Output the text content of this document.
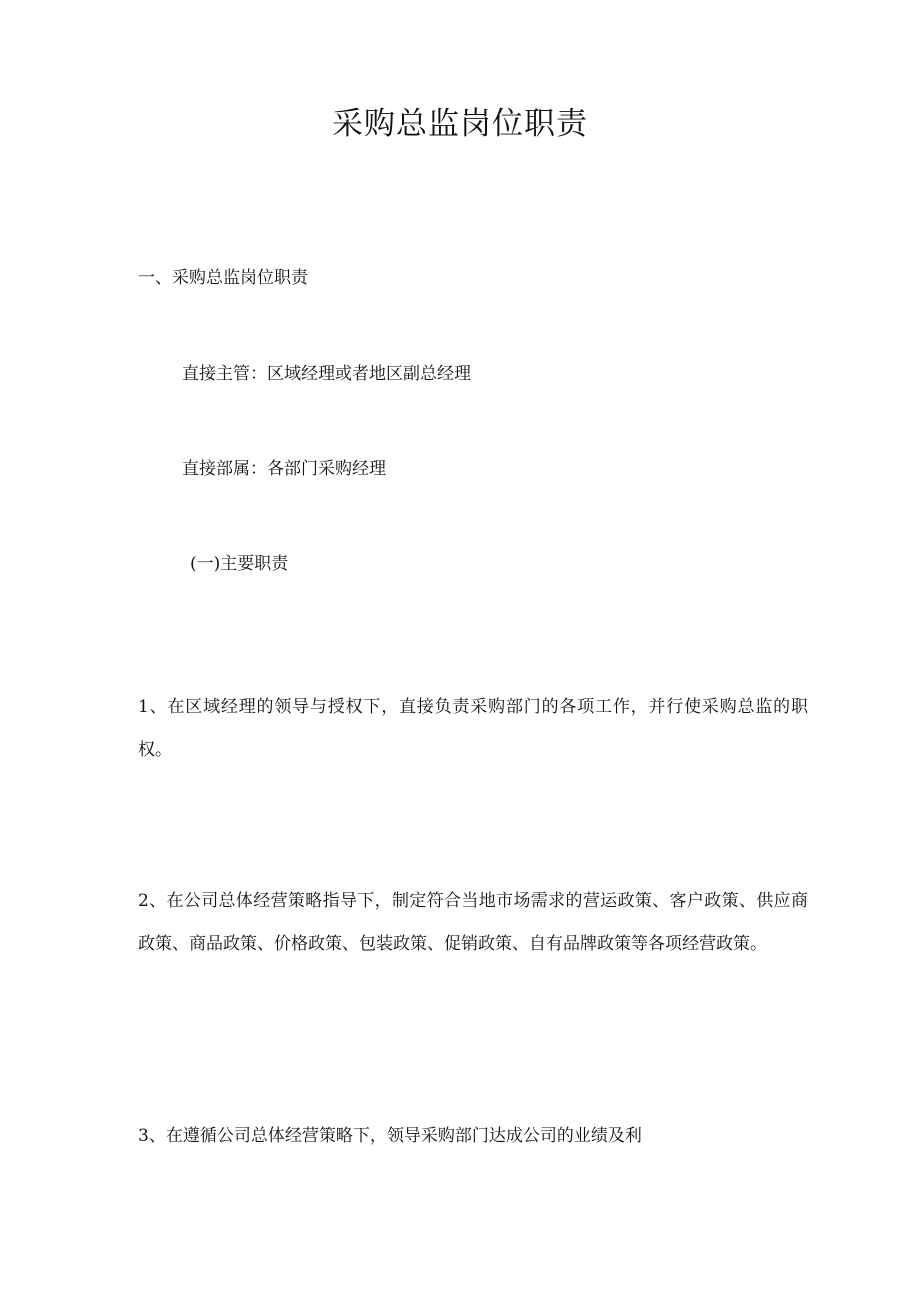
采购总监岗位职责

一、采购总监岗位职责

直接主管：区域经理或者地区副总经理

直接部属：各部门采购经理

(一)主要职责

1、在区域经理的领导与授权下，直接负责采购部门的各项工作，并行使采购总监的职权。

2、在公司总体经营策略指导下，制定符合当地市场需求的营运政策、客户政策、供应商政策、商品政策、价格政策、包装政策、促销政策、自有品牌政策等各项经营政策。

3、在遵循公司总体经营策略下，领导采购部门达成公司的业绩及利
